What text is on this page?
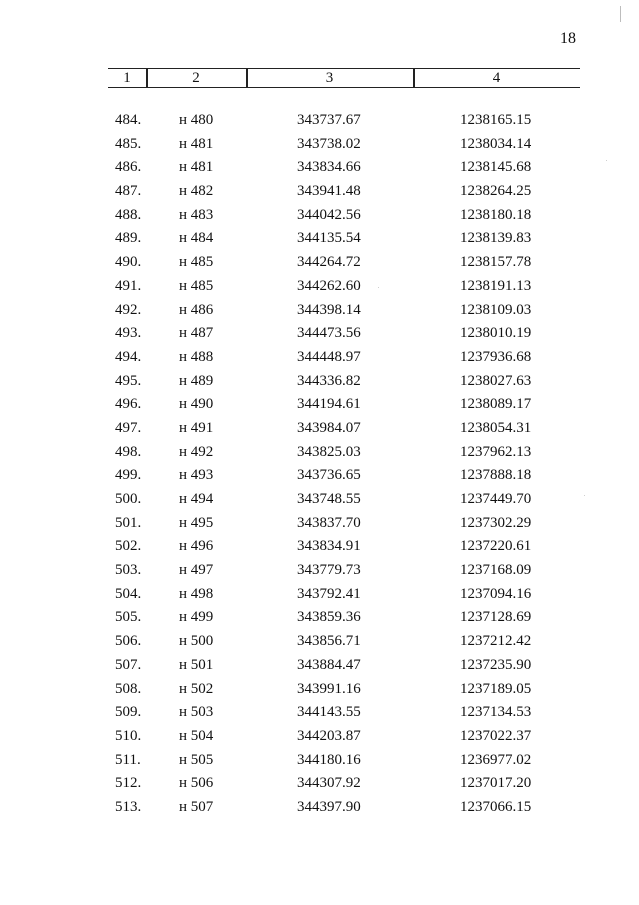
18
1	2	3	4
484.	н 480	343737.67	1238165.15
485.	н 481	343738.02	1238034.14
486.	н 481	343834.66	1238145.68
487.	н 482	343941.48	1238264.25
488.	н 483	344042.56	1238180.18
489.	н 484	344135.54	1238139.83
490.	н 485	344264.72	1238157.78
491.	н 485	344262.60	1238191.13
492.	н 486	344398.14	1238109.03
493.	н 487	344473.56	1238010.19
494.	н 488	344448.97	1237936.68
495.	н 489	344336.82	1238027.63
496.	н 490	344194.61	1238089.17
497.	н 491	343984.07	1238054.31
498.	н 492	343825.03	1237962.13
499.	н 493	343736.65	1237888.18
500.	н 494	343748.55	1237449.70
501.	н 495	343837.70	1237302.29
502.	н 496	343834.91	1237220.61
503.	н 497	343779.73	1237168.09
504.	н 498	343792.41	1237094.16
505.	н 499	343859.36	1237128.69
506.	н 500	343856.71	1237212.42
507.	н 501	343884.47	1237235.90
508.	н 502	343991.16	1237189.05
509.	н 503	344143.55	1237134.53
510.	н 504	344203.87	1237022.37
511.	н 505	344180.16	1236977.02
512.	н 506	344307.92	1237017.20
513.	н 507	344397.90	1237066.15
